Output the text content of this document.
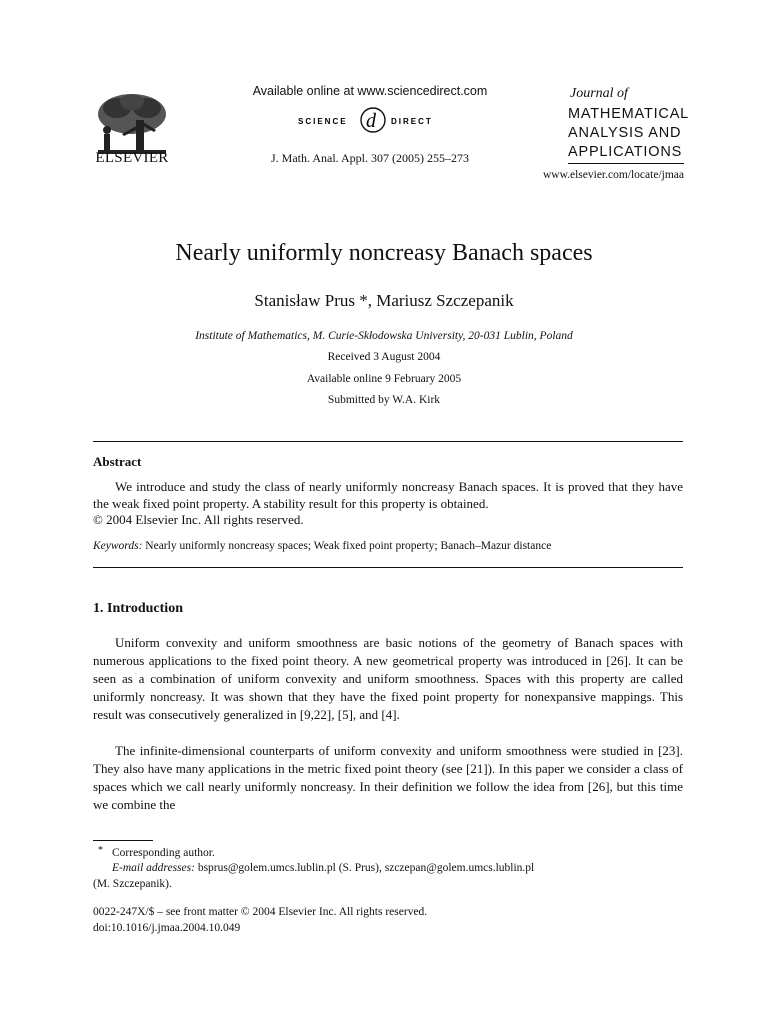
ELSEVIER
Available online at www.sciencedirect.com
SCIENCE d DIRECT
J. Math. Anal. Appl. 307 (2005) 255–273
Journal of
MATHEMATICAL
ANALYSIS AND
APPLICATIONS
www.elsevier.com/locate/jmaa
Nearly uniformly noncreasy Banach spaces
Stanisław Prus *, Mariusz Szczepanik
Institute of Mathematics, M. Curie-Skłodowska University, 20-031 Lublin, Poland
Received 3 August 2004
Available online 9 February 2005
Submitted by W.A. Kirk
Abstract
We introduce and study the class of nearly uniformly noncreasy Banach spaces. It is proved that they have the weak fixed point property. A stability result for this property is obtained.
© 2004 Elsevier Inc. All rights reserved.
Keywords: Nearly uniformly noncreasy spaces; Weak fixed point property; Banach–Mazur distance
1. Introduction

Uniform convexity and uniform smoothness are basic notions of the geometry of Banach spaces with numerous applications to the fixed point theory. A new geometrical property was introduced in [26]. It can be seen as a combination of uniform convexity and uniform smoothness. Spaces with this property are called uniformly noncreasy. It was shown that they have the fixed point property for nonexpansive mappings. This result was consecutively generalized in [9,22], [5], and [4].

The infinite-dimensional counterparts of uniform convexity and uniform smoothness were studied in [23]. They also have many applications in the metric fixed point theory (see [21]). In this paper we consider a class of spaces which we call nearly uniformly noncreasy. In their definition we follow the idea from [26], but this time we combine the

* Corresponding author.
E-mail addresses: bsprus@golem.umcs.lublin.pl (S. Prus), szczepan@golem.umcs.lublin.pl
(M. Szczepanik).
0022-247X/$ – see front matter © 2004 Elsevier Inc. All rights reserved.
doi:10.1016/j.jmaa.2004.10.049
